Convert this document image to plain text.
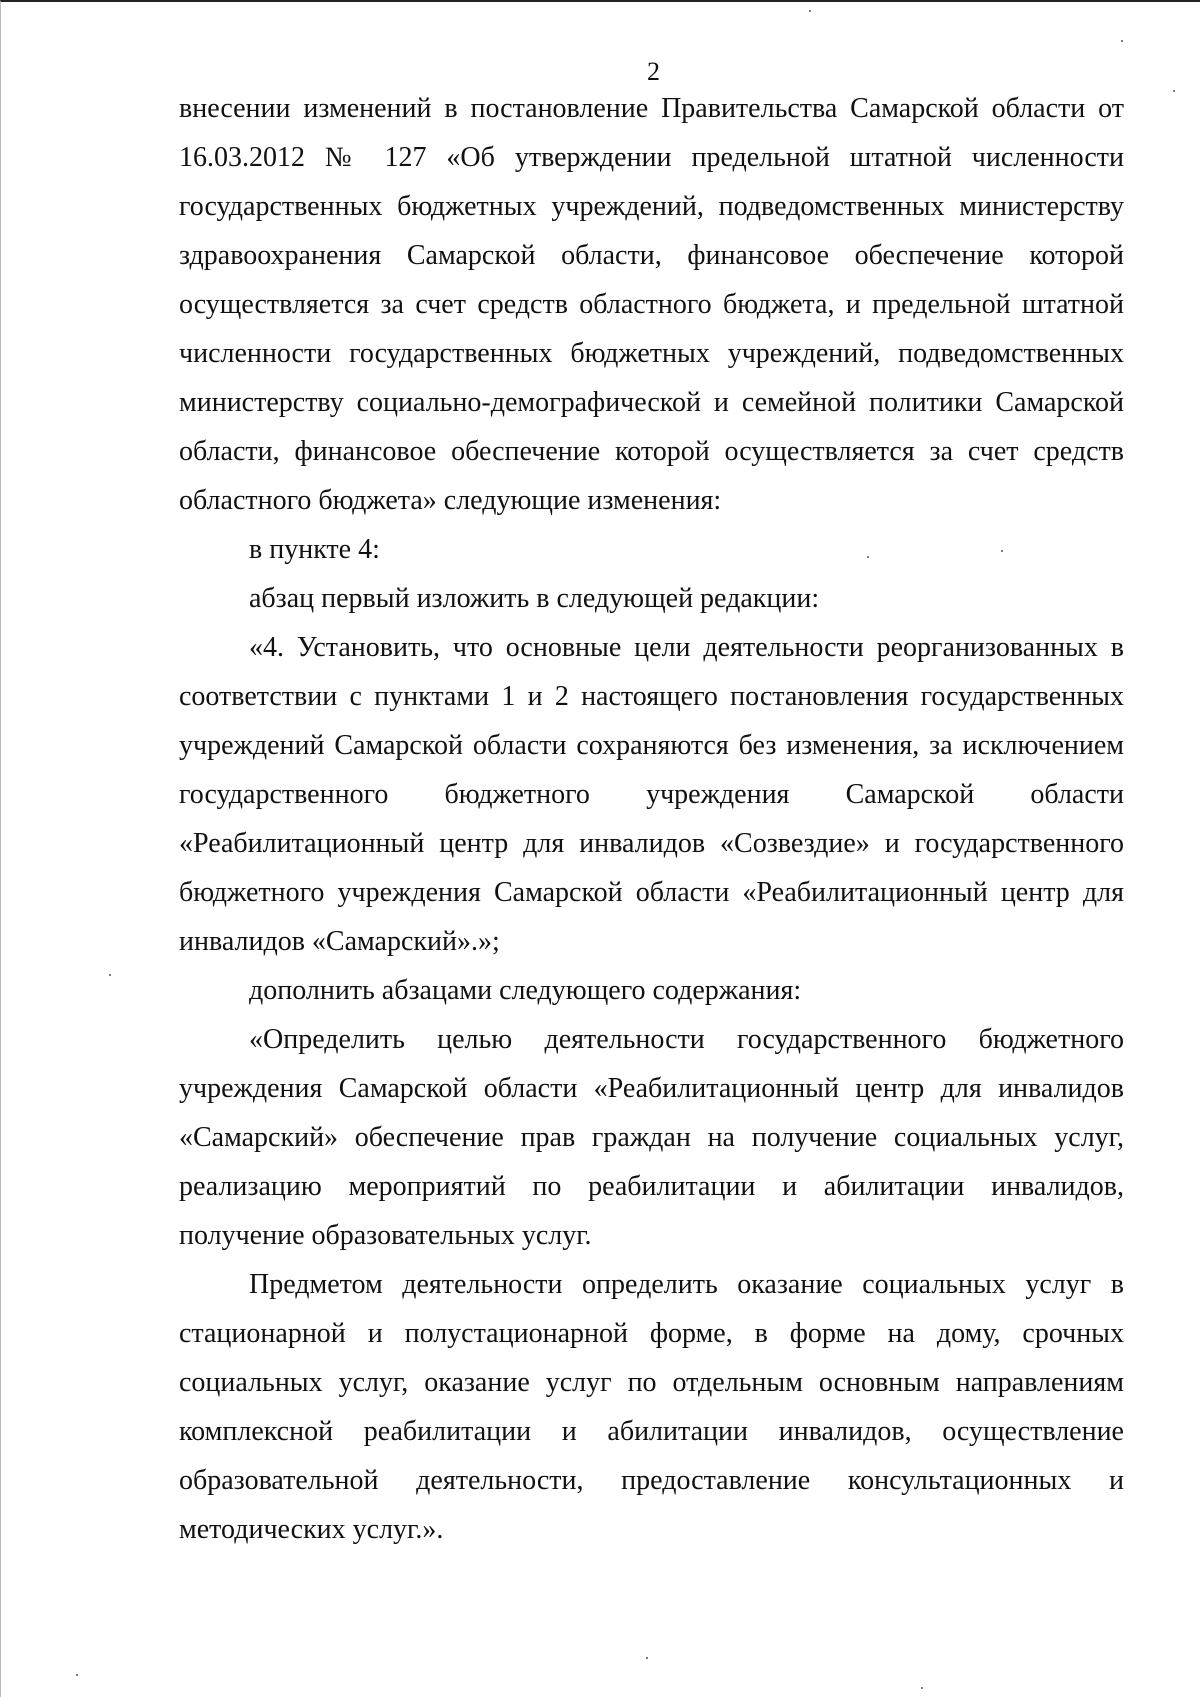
2

внесении изменений в постановление Правительства Самарской области от 16.03.2012 № 127 «Об утверждении предельной штатной численности государственных бюджетных учреждений, подведомственных министерству здравоохранения Самарской области, финансовое обеспечение которой осуществляется за счет средств областного бюджета, и предельной штатной численности государственных бюджетных учреждений, подведомственных министерству социально-демографической и семейной политики Самарской области, финансовое обеспечение которой осуществляется за счет средств областного бюджета» следующие изменения:

в пункте 4:

абзац первый изложить в следующей редакции:

«4. Установить, что основные цели деятельности реорганизованных в соответствии с пунктами 1 и 2 настоящего постановления государственных учреждений Самарской области сохраняются без изменения, за исключением государственного бюджетного учреждения Самарской области «Реабилитационный центр для инвалидов «Созвездие» и государственного бюджетного учреждения Самарской области «Реабилитационный центр для инвалидов «Самарский».»;

дополнить абзацами следующего содержания:

«Определить целью деятельности государственного бюджетного учреждения Самарской области «Реабилитационный центр для инвалидов «Самарский» обеспечение прав граждан на получение социальных услуг, реализацию мероприятий по реабилитации и абилитации инвалидов, получение образовательных услуг.

Предметом деятельности определить оказание социальных услуг в стационарной и полустационарной форме, в форме на дому, срочных социальных услуг, оказание услуг по отдельным основным направлениям комплексной реабилитации и абилитации инвалидов, осуществление образовательной деятельности, предоставление консультационных и методических услуг.».
